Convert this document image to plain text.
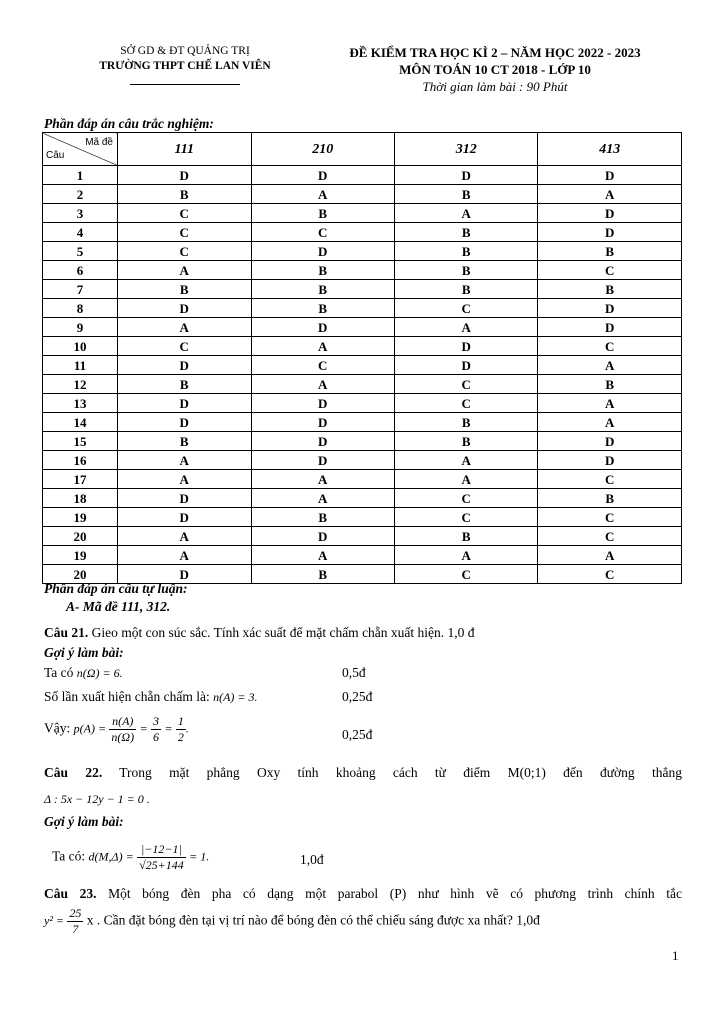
SỞ GD & ĐT QUẢNG TRỊ
TRƯỜNG THPT CHẾ LAN VIÊN
ĐỀ KIỂM TRA HỌC KÌ 2 – NĂM HỌC 2022 - 2023
MÔN TOÁN 10 CT 2018 - LỚP 10
Thời gian làm bài : 90 Phút
Phần đáp án câu trắc nghiệm:
Mã đề
Câu	111	210	312	413
1	D	D	D	D
2	B	A	B	A
3	C	B	A	D
4	C	C	B	D
5	C	D	B	B
6	A	B	B	C
7	B	B	B	B
8	D	B	C	D
9	A	D	A	D
10	C	A	D	C
11	D	C	D	A
12	B	A	C	B
13	D	D	C	A
14	D	D	B	A
15	B	D	B	D
16	A	D	A	D
17	A	A	A	C
18	D	A	C	B
19	D	B	C	C
20	A	D	B	C
19	A	A	A	A
20	D	B	C	C
Phần đáp án câu tự luận:
A- Mã đề 111, 312.
Câu 21. Gieo một con súc sắc. Tính xác suất để mặt chấm chẵn xuất hiện. 1,0 đ
Gợi ý làm bài:
Ta có n(Ω) = 6.	0,5đ
Số lần xuất hiện chẵn chấm là: n(A) = 3.	0,25đ
Vậy: $p(A) = \frac{n(A)}{n(\Omega)} = \frac{3}{6} = \frac{1}{2}$ .	0,25đ
Câu 22. Trong mặt phẳng Oxy tính khoảng cách từ điểm M(0;1) đến đường thẳng
Δ : 5x − 12y − 1 = 0 .
Gợi ý làm bài:
Ta có: $d(M,\Delta) = \frac{|-12-1|}{√25+144} = 1$.	1,0đ
Câu 23. Một bóng đèn pha có dạng một parabol (P) như hình vẽ có phương trình chính tắc
$y^2 = \frac{25}{7}$ x . Cần đặt bóng đèn tại vị trí nào để bóng đèn có thể chiếu sáng được xa nhất? 1,0đ
1
